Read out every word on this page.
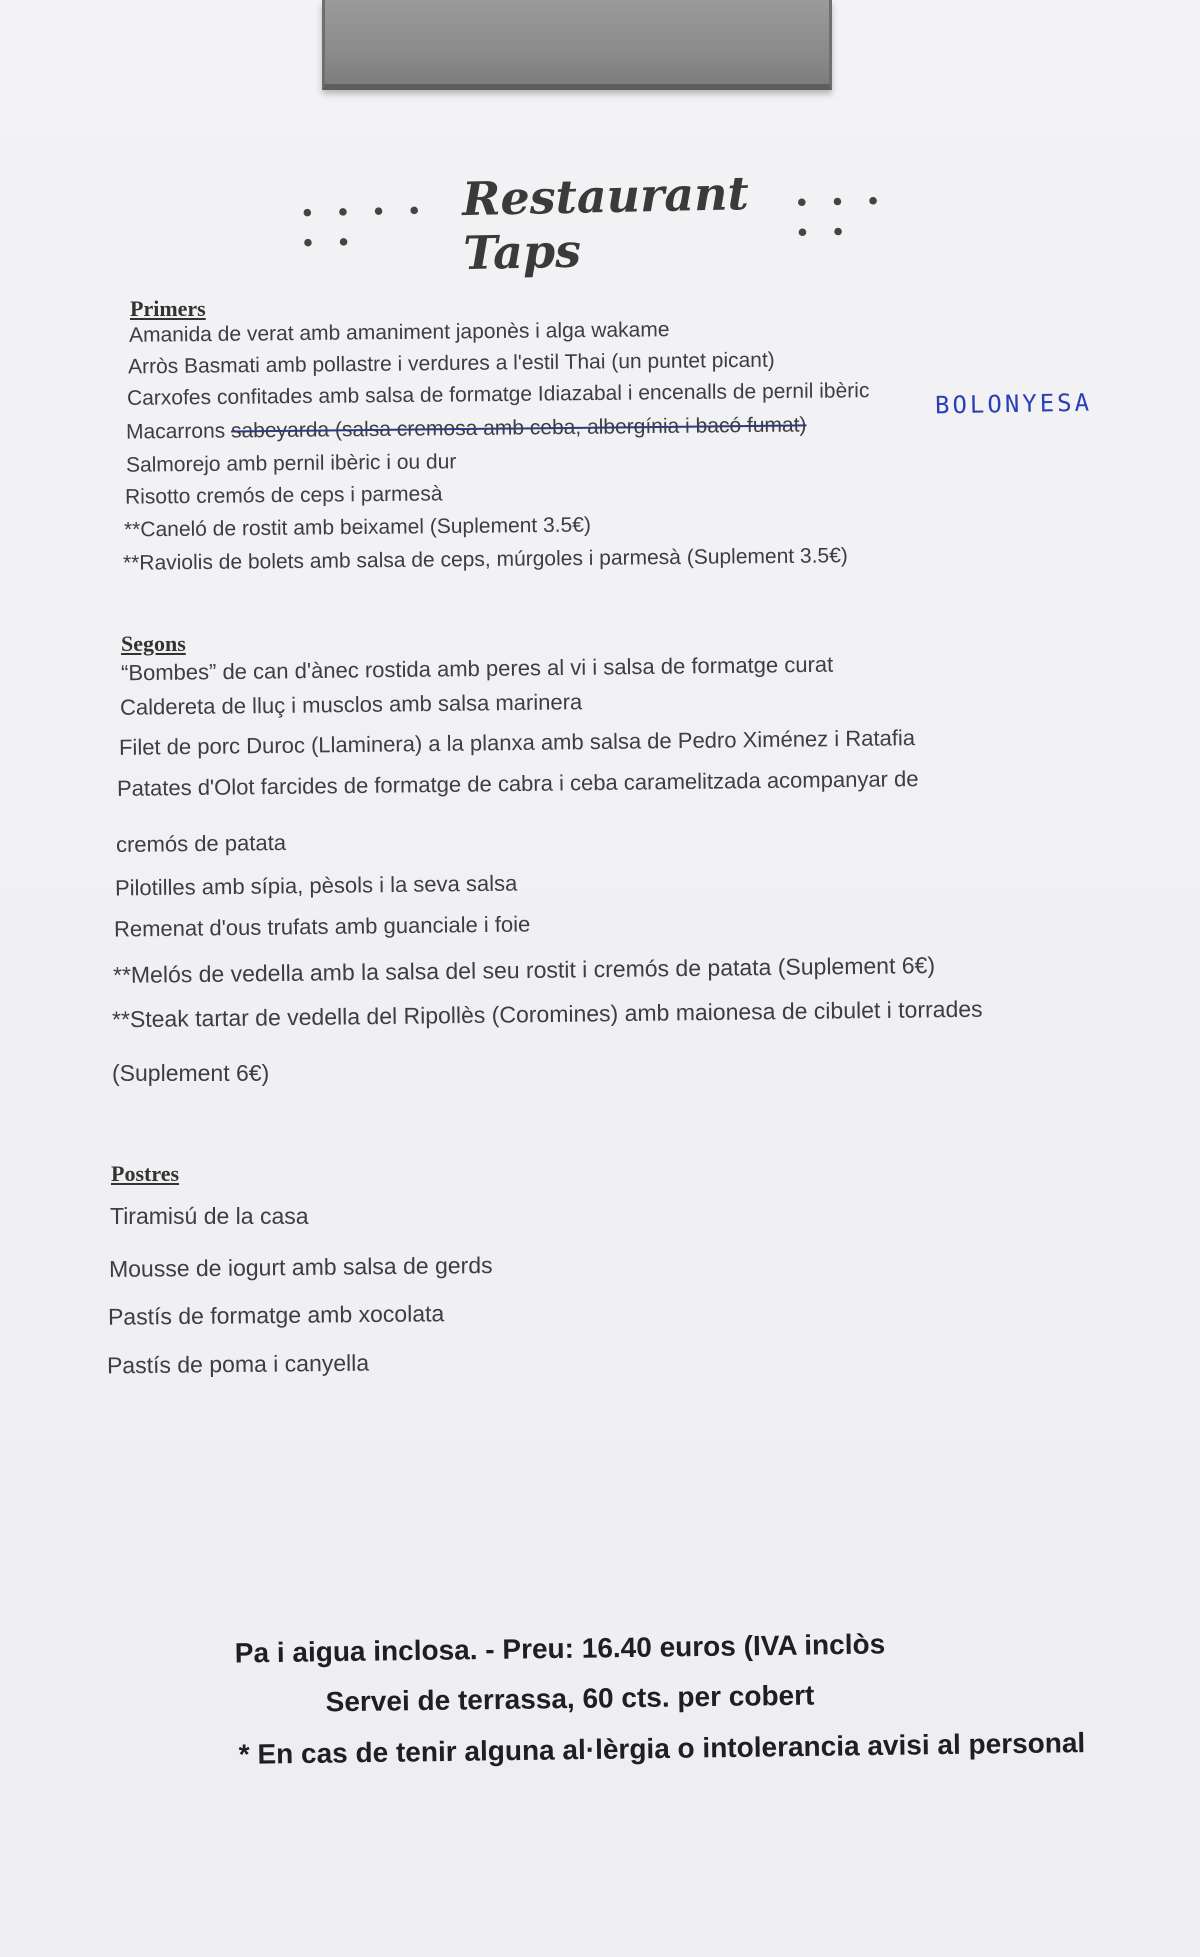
• • • • • •
Restaurant Taps
• • • • •
Primers
Amanida de verat amb amaniment japonès i alga wakame
Arròs Basmati amb pollastre i verdures a l'estil Thai (un puntet picant)
Carxofes confitades amb salsa de formatge Idiazabal i encenalls de pernil ibèric
Macarrons sabeyarda (salsa cremosa amb ceba, albergínia i bacó fumat)
BOLONYESA
Salmorejo amb pernil ibèric i ou dur
Risotto cremós de ceps i parmesà
**Caneló de rostit amb beixamel (Suplement 3.5€)
**Raviolis de bolets amb salsa de ceps, múrgoles i parmesà (Suplement 3.5€)
Segons
“Bombes” de can d'ànec rostida amb peres al vi i salsa de formatge curat
Caldereta de lluç i musclos amb salsa marinera
Filet de porc Duroc (Llaminera) a la planxa amb salsa de Pedro Ximénez i Ratafia
Patates d'Olot farcides de formatge de cabra i ceba caramelitzada acompanyar de
cremós de patata
Pilotilles amb sípia, pèsols i la seva salsa
Remenat d'ous trufats amb guanciale i foie
**Melós de vedella amb la salsa del seu rostit i cremós de patata (Suplement 6€)
**Steak tartar de vedella del Ripollès (Coromines) amb maionesa de cibulet i torrades
(Suplement 6€)
Postres
Tiramisú de la casa
Mousse de iogurt amb salsa de gerds
Pastís de formatge amb xocolata
Pastís de poma i canyella
Pa i aigua inclosa. - Preu: 16.40 euros (IVA inclòs
Servei de terrassa, 60 cts. per cobert
* En cas de tenir alguna al·lèrgia o intolerancia avisi al personal
